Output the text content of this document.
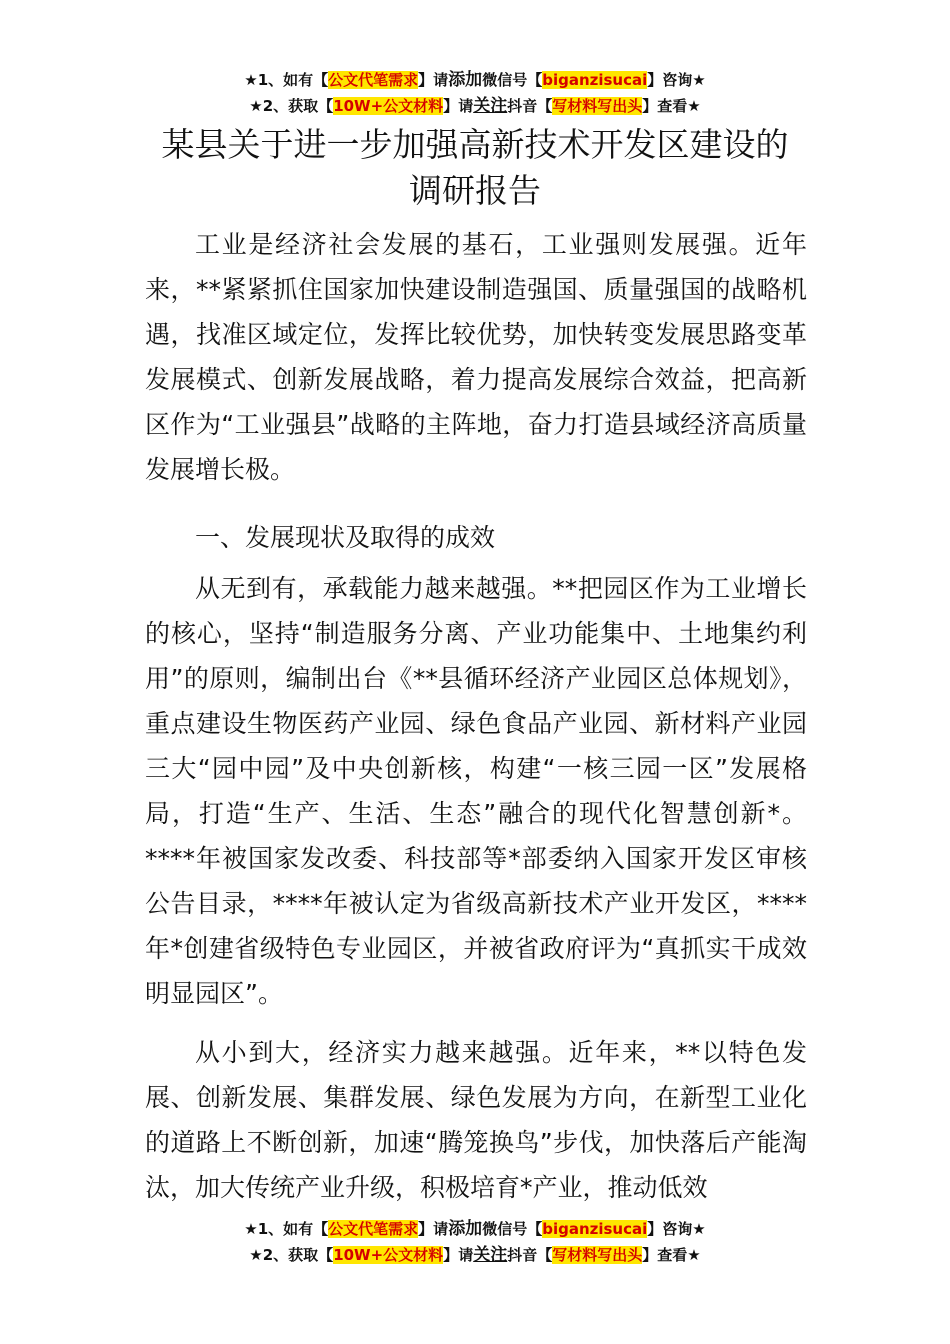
★1、如有【公文代笔需求】请添加微信号【biganzisucai】咨询★
★2、获取【10W+公文材料】请关注抖音【写材料写出头】查看★
某县关于进一步加强高新技术开发区建设的
调研报告

工业是经济社会发展的基石，工业强则发展强。近年来，**紧紧抓住国家加快建设制造强国、质量强国的战略机遇，找准区域定位，发挥比较优势，加快转变发展思路变革发展模式、创新发展战略，着力提高发展综合效益，把高新区作为“工业强县”战略的主阵地，奋力打造县域经济高质量发展增长极。

一、发展现状及取得的成效

从无到有，承载能力越来越强。**把园区作为工业增长的核心，坚持“制造服务分离、产业功能集中、土地集约利用”的原则，编制出台《**县循环经济产业园区总体规划》，重点建设生物医药产业园、绿色食品产业园、新材料产业园三大“园中园”及中央创新核，构建“一核三园一区”发展格局，打造“生产、生活、生态”融合的现代化智慧创新*。****年被国家发改委、科技部等*部委纳入国家开发区审核公告目录，****年被认定为省级高新技术产业开发区，****年*创建省级特色专业园区，并被省政府评为“真抓实干成效明显园区”。

从小到大，经济实力越来越强。近年来，**以特色发展、创新发展、集群发展、绿色发展为方向，在新型工业化的道路上不断创新，加速“腾笼换鸟”步伐，加快落后产能淘汰，加大传统产业升级，积极培育*产业，推动低效

★1、如有【公文代笔需求】请添加微信号【biganzisucai】咨询★
★2、获取【10W+公文材料】请关注抖音【写材料写出头】查看★
